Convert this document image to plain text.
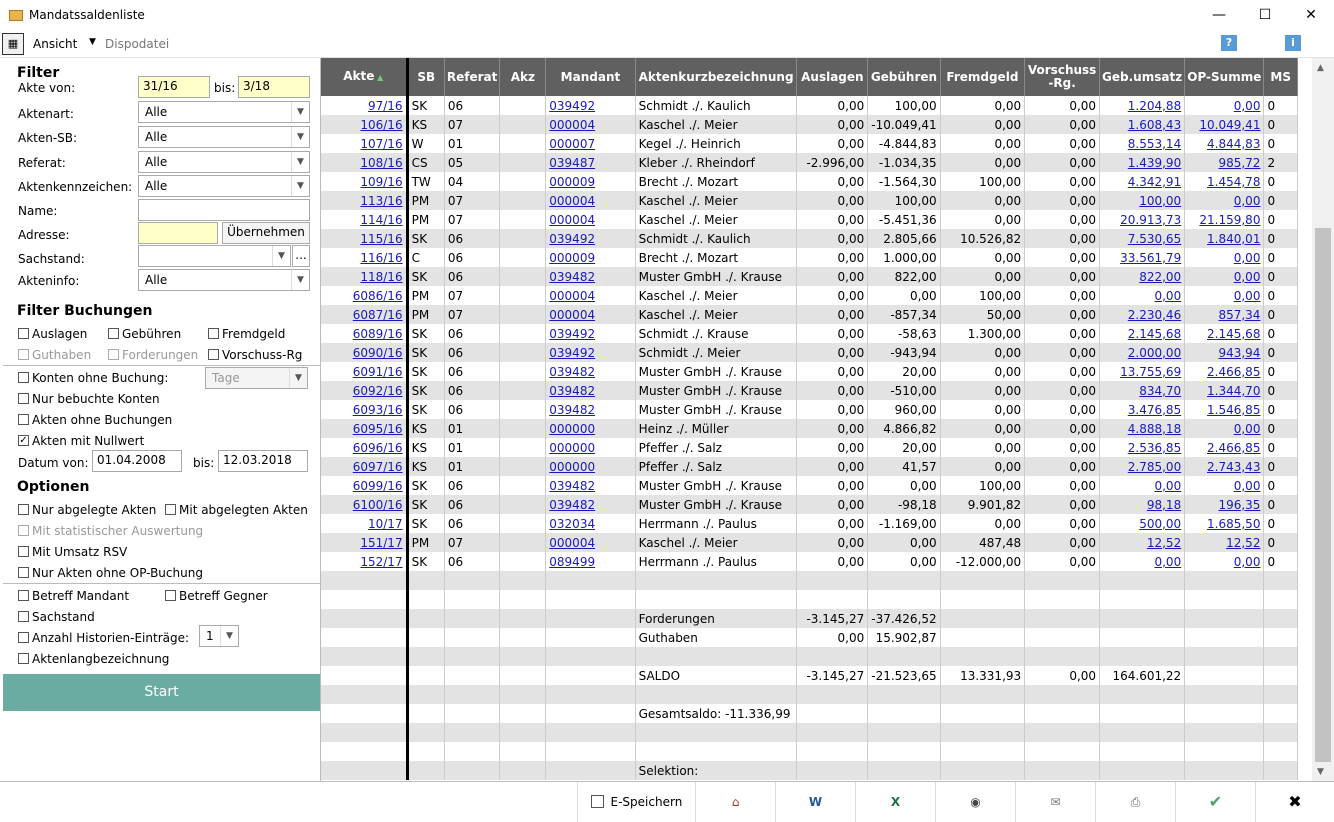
Mandatssaldenliste	—	☐	✕
▦	Ansicht ▼ Dispodatei	?	i
Filter
Akte von:	31/16	bis: 3/18
Aktenart:	Alle	▼
Akten-SB:	Alle	▼
Referat:	Alle	▼
Aktenkennzeichen:	Alle	▼
Name:
Adresse:	Übernehmen
Sachstand:	▼ ...
Akteninfo:	Alle	▼
Filter Buchungen
Auslagen	Gebühren	Fremdgeld
Guthaben	Forderungen	Vorschuss-Rg
Konten ohne Buchung:	Tage	▼
Nur bebuchte Konten
Akten ohne Buchungen
✓ Akten mit Nullwert
Datum von: 01.04.2008	bis: 12.03.2018
Optionen
Nur abgelegte Akten	Mit abgelegten Akten
Mit statistischer Auswertung
Mit Umsatz RSV
Nur Akten ohne OP-Buchung
Betreff Mandant	Betreff Gegner
Sachstand
Anzahl Historien-Einträge:	1	▼
Aktenlangbezeichnung
Start
Akte ▲	SB	Referat	Akz	Mandant	Aktenkurzbezeichnung	Auslagen	Gebühren	Fremdgeld	Vorschuss -Rg.	Geb.umsatz	OP-Summe	MS
97/16	SK	06		039492	Schmidt ./. Kaulich	0,00	100,00	0,00	0,00	1.204,88	0,00	0
106/16	KS	07		000004	Kaschel ./. Meier	0,00	-10.049,41	0,00	0,00	1.608,43	10.049,41	0
107/16	W	01		000007	Kegel ./. Heinrich	0,00	-4.844,83	0,00	0,00	8.553,14	4.844,83	0
108/16	CS	05		039487	Kleber ./. Rheindorf	-2.996,00	-1.034,35	0,00	0,00	1.439,90	985,72	2
109/16	TW	04		000009	Brecht ./. Mozart	0,00	-1.564,30	100,00	0,00	4.342,91	1.454,78	0
113/16	PM	07		000004	Kaschel ./. Meier	0,00	100,00	0,00	0,00	100,00	0,00	0
114/16	PM	07		000004	Kaschel ./. Meier	0,00	-5.451,36	0,00	0,00	20.913,73	21.159,80	0
115/16	SK	06		039492	Schmidt ./. Kaulich	0,00	2.805,66	10.526,82	0,00	7.530,65	1.840,01	0
116/16	C	06		000009	Brecht ./. Mozart	0,00	1.000,00	0,00	0,00	33.561,79	0,00	0
118/16	SK	06		039482	Muster GmbH ./. Krause	0,00	822,00	0,00	0,00	822,00	0,00	0
6086/16	PM	07		000004	Kaschel ./. Meier	0,00	0,00	100,00	0,00	0,00	0,00	0
6087/16	PM	07		000004	Kaschel ./. Meier	0,00	-857,34	50,00	0,00	2.230,46	857,34	0
6089/16	SK	06		039492	Schmidt ./. Krause	0,00	-58,63	1.300,00	0,00	2.145,68	2.145,68	0
6090/16	SK	06		039492	Schmidt ./. Meier	0,00	-943,94	0,00	0,00	2.000,00	943,94	0
6091/16	SK	06		039482	Muster GmbH ./. Krause	0,00	20,00	0,00	0,00	13.755,69	2.466,85	0
6092/16	SK	06		039482	Muster GmbH ./. Krause	0,00	-510,00	0,00	0,00	834,70	1.344,70	0
6093/16	SK	06		039482	Muster GmbH ./. Krause	0,00	960,00	0,00	0,00	3.476,85	1.546,85	0
6095/16	KS	01		000000	Heinz ./. Müller	0,00	4.866,82	0,00	0,00	4.888,18	0,00	0
6096/16	KS	01		000000	Pfeffer ./. Salz	0,00	20,00	0,00	0,00	2.536,85	2.466,85	0
6097/16	KS	01		000000	Pfeffer ./. Salz	0,00	41,57	0,00	0,00	2.785,00	2.743,43	0
6099/16	SK	06		039482	Muster GmbH ./. Krause	0,00	0,00	100,00	0,00	0,00	0,00	0
6100/16	SK	06		039482	Muster GmbH ./. Krause	0,00	-98,18	9.901,82	0,00	98,18	196,35	0
10/17	SK	06		032034	Herrmann ./. Paulus	0,00	-1.169,00	0,00	0,00	500,00	1.685,50	0
151/17	PM	07		000004	Kaschel ./. Meier	0,00	0,00	487,48	0,00	12,52	12,52	0
152/17	SK	06		089499	Herrmann ./. Paulus	0,00	0,00	-12.000,00	0,00	0,00	0,00	0

					Forderungen	-3.145,27	-37.426,52					
					Guthaben	0,00	15.902,87					

					SALDO	-3.145,27	-21.523,65	13.331,93	0,00	164.601,22		

					Gesamtsaldo: -11.336,99							

					Selektion:							
▲
▼
E-Speichern	⌂	W	X	◉	✉	⎙	✔	✖
